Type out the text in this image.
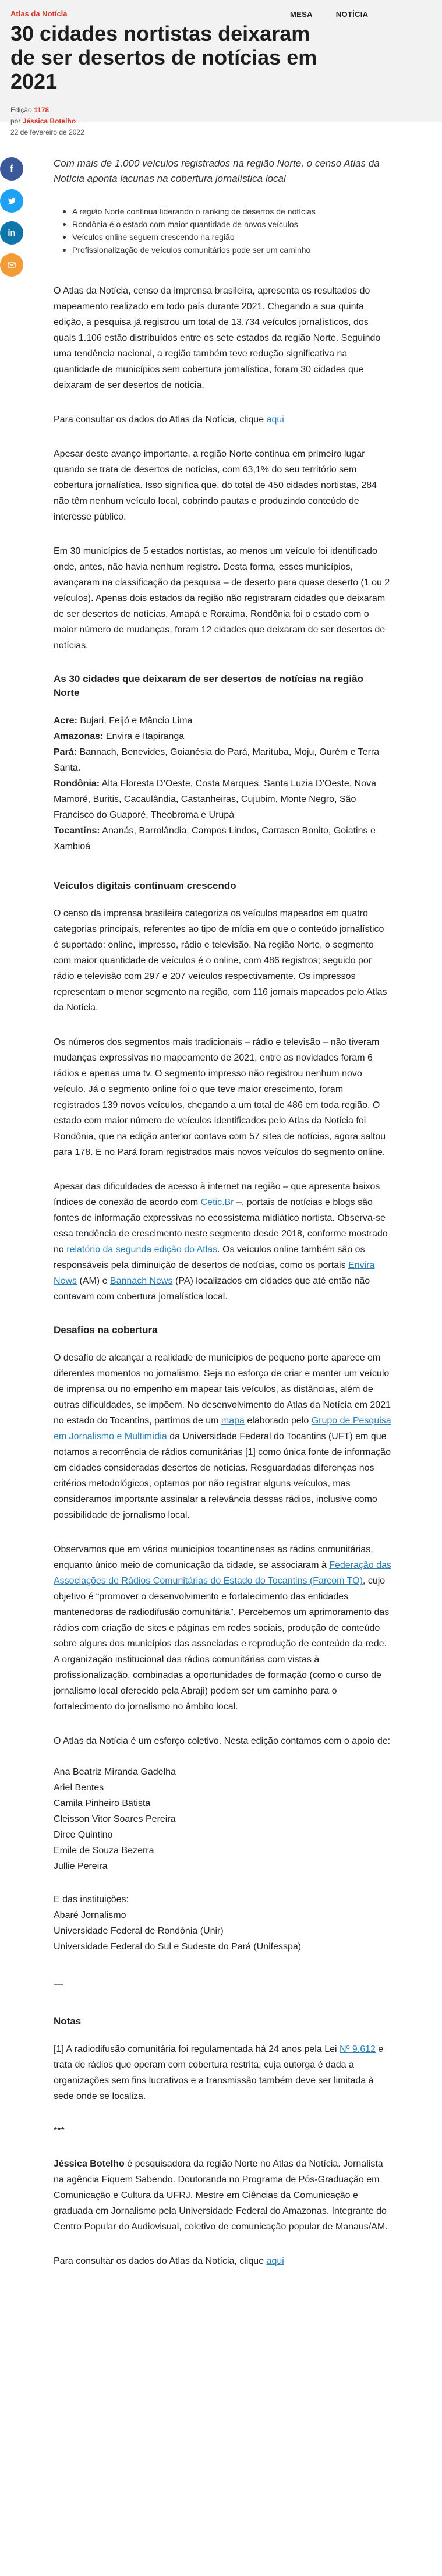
Atlas da Notícia
30 cidades nortistas deixaram de ser desertos de notícias em 2021
Edição 1178
por Jéssica Botelho
22 de fevereiro de 2022
MESA	NOTÍCIA
f
in

Com mais de 1.000 veículos registrados na região Norte, o censo Atlas da Notícia aponta lacunas na cobertura jornalística local

A região Norte continua liderando o ranking de desertos de notícias
Rondônia é o estado com maior quantidade de novos veículos
Veículos online seguem crescendo na região
Profissionalização de veículos comunitários pode ser um caminho

O Atlas da Notícia, censo da imprensa brasileira, apresenta os resultados do mapeamento realizado em todo país durante 2021. Chegando a sua quinta edição, a pesquisa já registrou um total de 13.734 veículos jornalísticos, dos quais 1.106 estão distribuídos entre os sete estados da região Norte. Seguindo uma tendência nacional, a região também teve redução significativa na quantidade de municípios sem cobertura jornalística, foram 30 cidades que deixaram de ser desertos de notícia.

Para consultar os dados do Atlas da Notícia, clique aqui

Apesar deste avanço importante, a região Norte continua em primeiro lugar quando se trata de desertos de notícias, com 63,1% do seu território sem cobertura jornalística. Isso significa que, do total de 450 cidades nortistas, 284 não têm nenhum veículo local, cobrindo pautas e produzindo conteúdo de interesse público.

Em 30 municípios de 5 estados nortistas, ao menos um veículo foi identificado onde, antes, não havia nenhum registro. Desta forma, esses municípios, avançaram na classificação da pesquisa – de deserto para quase deserto (1 ou 2 veículos). Apenas dois estados da região não registraram cidades que deixaram de ser desertos de notícias, Amapá e Roraima. Rondônia foi o estado com o maior número de mudanças, foram 12 cidades que deixaram de ser desertos de notícias.

As 30 cidades que deixaram de ser desertos de notícias na região Norte
Acre: Bujari, Feijó e Mâncio Lima
Amazonas: Envira e Itapiranga
Pará: Bannach, Benevides, Goianésia do Pará, Marituba, Moju, Ourém e Terra Santa.
Rondônia: Alta Floresta D’Oeste, Costa Marques, Santa Luzia D’Oeste, Nova Mamoré, Buritis, Cacaulândia, Castanheiras, Cujubim, Monte Negro, São Francisco do Guaporé, Theobroma e Urupá
Tocantins: Ananás, Barrolândia, Campos Lindos, Carrasco Bonito, Goiatins e Xambioá
Veículos digitais continuam crescendo

O censo da imprensa brasileira categoriza os veículos mapeados em quatro categorias principais, referentes ao tipo de mídia em que o conteúdo jornalístico é suportado: online, impresso, rádio e televisão. Na região Norte, o segmento com maior quantidade de veículos é o online, com 486 registros; seguido por rádio e televisão com 297 e 207 veículos respectivamente. Os impressos representam o menor segmento na região, com 116 jornais mapeados pelo Atlas da Notícia.

Os números dos segmentos mais tradicionais – rádio e televisão – não tiveram mudanças expressivas no mapeamento de 2021, entre as novidades foram 6 rádios e apenas uma tv. O segmento impresso não registrou nenhum novo veículo. Já o segmento online foi o que teve maior crescimento, foram registrados 139 novos veículos, chegando a um total de 486 em toda região. O estado com maior número de veículos identificados pelo Atlas da Notícia foi Rondônia, que na edição anterior contava com 57 sites de notícias, agora saltou para 178. E no Pará foram registrados mais novos veículos do segmento online.

Apesar das dificuldades de acesso à internet na região – que apresenta baixos índices de conexão de acordo com Cetic.Br –, portais de notícias e blogs são fontes de informação expressivas no ecossistema midiático nortista. Observa-se essa tendência de crescimento neste segmento desde 2018, conforme mostrado no relatório da segunda edição do Atlas. Os veículos online também são os responsáveis pela diminuição de desertos de notícias, como os portais Envira News (AM) e Bannach News (PA) localizados em cidades que até então não contavam com cobertura jornalística local.

Desafios na cobertura

O desafio de alcançar a realidade de municípios de pequeno porte aparece em diferentes momentos no jornalismo. Seja no esforço de criar e manter um veículo de imprensa ou no empenho em mapear tais veículos, as distâncias, além de outras dificuldades, se impõem. No desenvolvimento do Atlas da Notícia em 2021 no estado do Tocantins, partimos de um mapa elaborado pelo Grupo de Pesquisa em Jornalismo e Multimídia da Universidade Federal do Tocantins (UFT) em que notamos a recorrência de rádios comunitárias [1] como única fonte de informação em cidades consideradas desertos de notícias. Resguardadas diferenças nos critérios metodológicos, optamos por não registrar alguns veículos, mas consideramos importante assinalar a relevância dessas rádios, inclusive como possibilidade de jornalismo local.

Observamos que em vários municípios tocantinenses as rádios comunitárias, enquanto único meio de comunicação da cidade, se associaram à Federação das Associações de Rádios Comunitárias do Estado do Tocantins (Farcom TO), cujo objetivo é “promover o desenvolvimento e fortalecimento das entidades mantenedoras de radiodifusão comunitária”. Percebemos um aprimoramento das rádios com criação de sites e páginas em redes sociais, produção de conteúdo sobre alguns dos municípios das associadas e reprodução de conteúdo da rede. A organização institucional das rádios comunitárias com vistas à profissionalização, combinadas a oportunidades de formação (como o curso de jornalismo local oferecido pela Abraji) podem ser um caminho para o fortalecimento do jornalismo no âmbito local.

O Atlas da Notícia é um esforço coletivo. Nesta edição contamos com o apoio de:

Ana Beatriz Miranda Gadelha
Ariel Bentes
Camila Pinheiro Batista
Cleisson Vitor Soares Pereira
Dirce Quintino
Emile de Souza Bezerra
Jullie Pereira
E das instituições:
Abaré Jornalismo
Universidade Federal de Rondônia (Unir)
Universidade Federal do Sul e Sudeste do Pará (Unifesspa)
—
Notas

[1] A radiodifusão comunitária foi regulamentada há 24 anos pela Lei Nº 9.612 e trata de rádios que operam com cobertura restrita, cuja outorga é dada a organizações sem fins lucrativos e a transmissão também deve ser limitada à sede onde se localiza.

***

Jéssica Botelho é pesquisadora da região Norte no Atlas da Notícia. Jornalista na agência Fiquem Sabendo. Doutoranda no Programa de Pós-Graduação em Comunicação e Cultura da UFRJ. Mestre em Ciências da Comunicação e graduada em Jornalismo pela Universidade Federal do Amazonas. Integrante do Centro Popular do Audiovisual, coletivo de comunicação popular de Manaus/AM.

Para consultar os dados do Atlas da Notícia, clique aqui
